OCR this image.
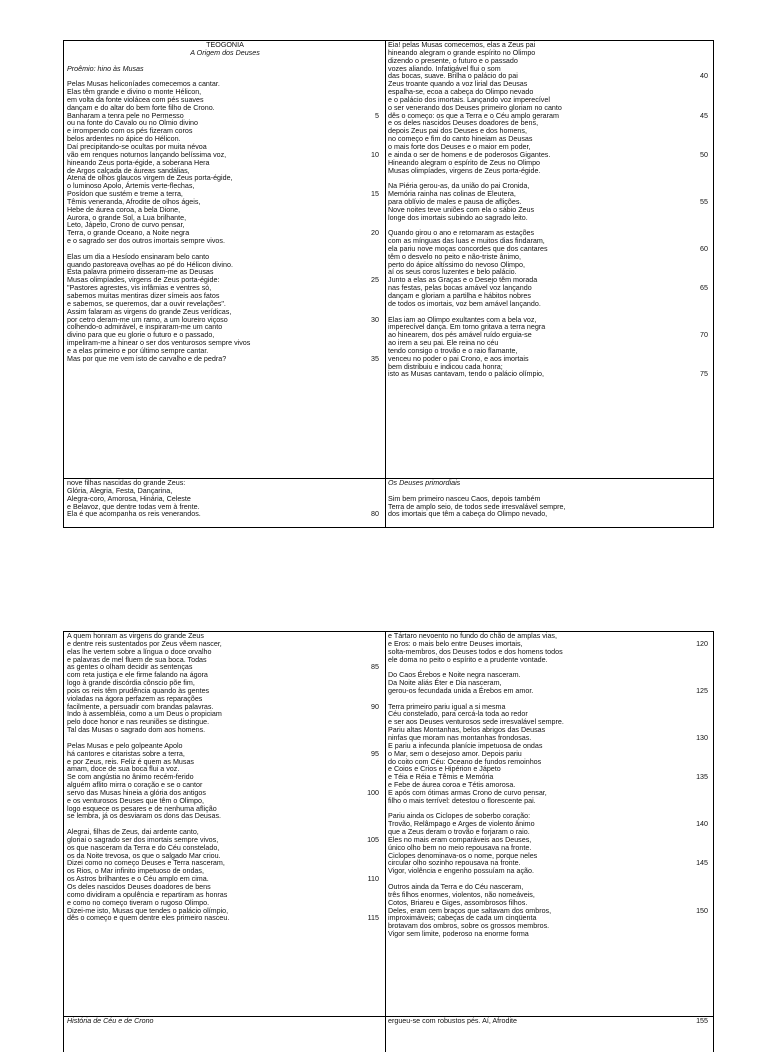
TEOGONIA
A Origem dos Deuses
Proêmio: hino às Musas
Pelas Musas heliconíades comecemos a cantar.
Elas têm grande e divino o monte Hélicon,
em volta da fonte violácea com pés suaves
dançam e do altar do bem forte filho de Crono.
Banharam a tenra pele no Permesso	5
ou na fonte do Cavalo ou no Olmio divino
e irrompendo com os pés fizeram coros
belos ardentes no ápice do Hélicon.
Daí precipitando-se ocultas por muita névoa
vão em renques noturnos lançando belíssima voz,	10
hineando Zeus porta-égide, a soberana Hera
de Argos calçada de áureas sandálias,
Atena de olhos glaucos virgem de Zeus porta-égide,
o luminoso Apolo, Ártemis verte-flechas,
Posídon que sustém e treme a terra,	15
Têmis veneranda, Afrodite de olhos ágeis,
Hebe de áurea coroa, a bela Dione,
Aurora, o grande Sol, a Lua brilhante,
Leto, Jápeto, Crono de curvo pensar,
Terra, o grande Oceano, a Noite negra	20
e o sagrado ser dos outros imortais sempre vivos.
Elas um dia a Hesíodo ensinaram belo canto
quando pastoreava ovelhas ao pé do Hélicon divino.
Esta palavra primeiro disseram-me as Deusas
Musas olimpíades, virgens de Zeus porta-égide:	25
"Pastores agrestes, vis infâmias e ventres só,
sabemos muitas mentiras dizer símeis aos fatos
e sabemos, se queremos, dar a ouvir revelações".
Assim falaram as virgens do grande Zeus verídicas,
por cetro deram-me um ramo, a um loureiro viçoso	30
colhendo-o admirável, e inspiraram-me um canto
divino para que eu glorie o futuro e o passado,
impeliram-me a hinear o ser dos venturosos sempre vivos
e a elas primeiro e por último sempre cantar.
Mas por que me vem isto de carvalho e de pedra?	35
Eia! pelas Musas comecemos, elas a Zeus pai
hineando alegram o grande espírito no Olimpo
dizendo o presente, o futuro e o passado
vozes aliando. Infatigável flui o som
das bocas, suave. Brilha o palácio do pai	40
Zeus troante quando a voz lirial das Deusas
espalha-se, ecoa a cabeça do Olimpo nevado
e o palácio dos imortais. Lançando voz imperecível
o ser venerando dos Deuses primeiro gloriam no canto
dês o começo: os que a Terra e o Céu amplo geraram	45
e os deles nascidos Deuses doadores de bens,
depois Zeus pai dos Deuses e dos homens,
no começo e fim do canto hineiam as Deusas
o mais forte dos Deuses e o maior em poder,
e ainda o ser de homens e de poderosos Gigantes.	50
Hineando alegram o espírito de Zeus no Olimpo
Musas olimpíades, virgens de Zeus porta-égide.
Na Piéria gerou-as, da união do pai Cronida,
Memória rainha nas colinas de Eleutera,
para oblívio de males e pausa de aflições.	55
Nove noites teve uniões com ela o sábio Zeus
longe dos imortais subindo ao sagrado leito.
Quando girou o ano e retornaram as estações
com as mínguas das luas e muitos dias findaram,
ela pariu nove moças concordes que dos cantares	60
têm o desvelo no peito e não-triste ânimo,
perto do ápice altíssimo do nevoso Olimpo,
aí os seus coros luzentes e belo palácio.
Junto a elas as Graças e o Desejo têm morada
nas festas, pelas bocas amável voz lançando	65
dançam e gloriam a partilha e hábitos nobres
de todos os imortais, voz bem amável lançando.
Elas iam ao Olimpo exultantes com a bela voz,
imperecível dança. Em torno gritava a terra negra
ao hinearem, dos pés amável ruído erguia-se	70
ao irem a seu pai. Ele reina no céu
tendo consigo o trovão e o raio flamante,
venceu no poder o pai Crono, e aos imortais
bem distribuiu e indicou cada honra;
isto as Musas cantavam, tendo o palácio olímpio,	75
nove filhas nascidas do grande Zeus:
Glória, Alegria, Festa, Dançarina,
Alegra-coro, Amorosa, Hinária, Celeste
e Belavoz, que dentre todas vem à frente.
Ela é que acompanha os reis venerandos.	80
Os Deuses primordiais
Sim bem primeiro nasceu Caos, depois também
Terra de amplo seio, de todos sede irresvalável sempre,
dos imortais que têm a cabeça do Olimpo nevado,
A quem honram as virgens do grande Zeus
e dentre reis sustentados por Zeus vêem nascer,
elas lhe vertem sobre a língua o doce orvalho
e palavras de mel fluem de sua boca. Todas
as gentes o olham decidir as sentenças	85
com reta justiça e ele firme falando na ágora
logo à grande discórdia cônscio põe fim,
pois os reis têm prudência quando às gentes
violadas na ágora perfazem as reparações
facilmente, a persuadir com brandas palavras.	90
Indo à assembléia, como a um Deus o propiciam
pelo doce honor e nas reuniões se distingue.
Tal das Musas o sagrado dom aos homens.
Pelas Musas e pelo golpeante Apolo
há cantores e citaristas sobre a terra,	95
e por Zeus, reis. Feliz é quem as Musas
amam, doce de sua boca flui a voz.
Se com angústia no ânimo recém-ferido
alguém aflito mirra o coração e se o cantor
servo das Musas hineia a glória dos antigos	100
e os venturosos Deuses que têm o Olimpo,
logo esquece os pesares e de nenhuma aflição
se lembra, já os desviaram os dons das Deusas.
Alegrai, filhas de Zeus, dai ardente canto,
gloriai o sagrado ser dos imortais sempre vivos,	105
os que nasceram da Terra e do Céu constelado,
os da Noite trevosa, os que o salgado Mar criou.
Dizei como no começo Deuses e Terra nasceram,
os Rios, o Mar infinito impetuoso de ondas,
os Astros brilhantes e o Céu amplo em cima.	110
Os deles nascidos Deuses doadores de bens
como dividiram a opulência e repartiram as honras
e como no começo tiveram o rugoso Olimpo.
Dizei-me isto, Musas que tendes o palácio olímpio,
dês o começo e quem dentre eles primeiro nasceu.	115
e Tártaro nevoento no fundo do chão de amplas vias,
e Eros: o mais belo entre Deuses imortais,	120
solta-membros, dos Deuses todos e dos homens todos
ele doma no peito o espírito e a prudente vontade.
Do Caos Érebos e Noite negra nasceram.
Da Noite aliás Éter e Dia nasceram,
gerou-os fecundada unida a Érebos em amor.	125
Terra primeiro pariu igual a si mesma
Céu constelado, para cercá-la toda ao redor
e ser aos Deuses venturosos sede irresvalável sempre.
Pariu altas Montanhas, belos abrigos das Deusas
ninfas que moram nas montanhas frondosas.	130
E pariu a infecunda planície impetuosa de ondas
o Mar, sem o desejoso amor. Depois pariu
do coito com Céu: Oceano de fundos remoinhos
e Coios e Crios e Hipérion e Jápeto
e Téia e Réia e Têmis e Memória	135
e Febe de áurea coroa e Tétis amorosa.
E após com ótimas armas Crono de curvo pensar,
filho o mais terrível: detestou o florescente pai.
Pariu ainda os Ciclopes de soberbo coração:
Trovão, Relâmpago e Arges de violento ânimo	140
que a Zeus deram o trovão e forjaram o raio.
Eles no mais eram comparáveis aos Deuses,
único olho bem no meio repousava na fronte.
Ciclopes denominava-os o nome, porque neles
circular olho sozinho repousava na fronte.	145
Vigor, violência e engenho possuíam na ação.
Outros ainda da Terra e do Céu nasceram,
três filhos enormes, violentos, não nomeáveis,
Cotos, Briareu e Giges, assombrosos filhos.
Deles, eram cem braços que saltavam dos ombros,	150
improximáveis; cabeças de cada um cinqüenta
brotavam dos ombros, sobre os grossos membros.
Vigor sem limite, poderoso na enorme forma
História de Céu e de Crono	ergueu-se com robustos pés. Aí, Afrodite	155
